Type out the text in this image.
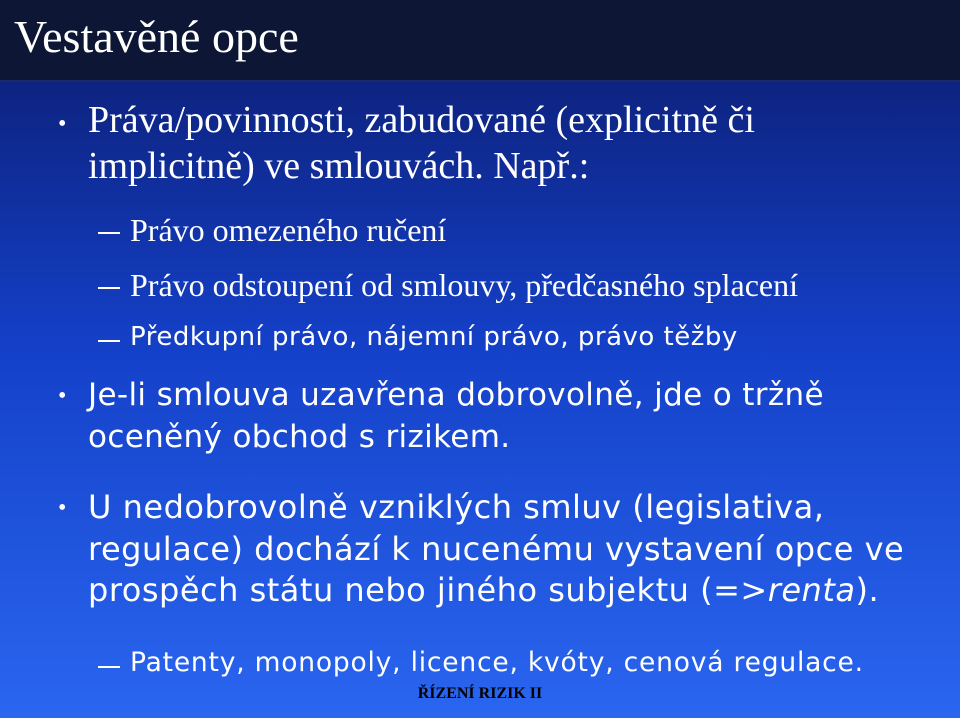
Vestavěné opce
• Práva/povinnosti, zabudované (explicitně či
implicitně) ve smlouvách. Např.:
Právo omezeného ručení
Právo odstoupení od smlouvy, předčasného splacení
Předkupní právo, nájemní právo, právo těžby
• Je-li smlouva uzavřena dobrovolně, jde o tržně
oceněný obchod s rizikem.
• U nedobrovolně vzniklých smluv (legislativa,
regulace) dochází k nucenému vystavení opce ve
prospěch státu nebo jiného subjektu (=>renta).
Patenty, monopoly, licence, kvóty, cenová regulace.
ŘÍZENÍ RIZIK II
